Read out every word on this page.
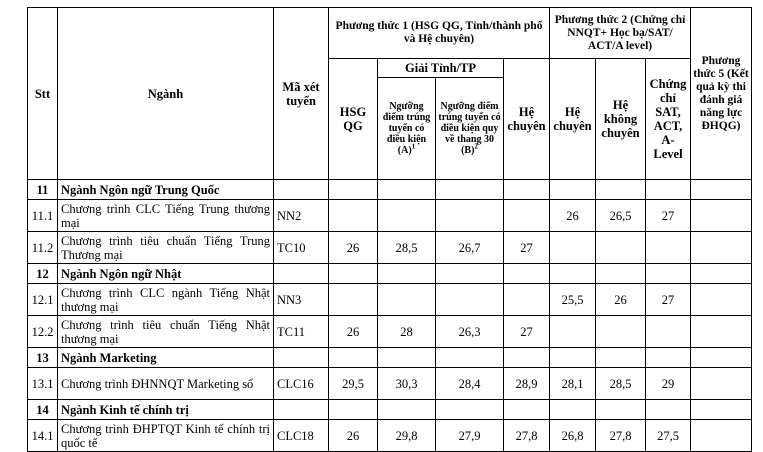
Stt	Ngành	Mã xét tuyển	Phương thức 1 (HSG QG, Tỉnh/thành phố và Hệ chuyên)				Phương thức 2 (Chứng chỉ NNQT+ Học bạ/SAT/ ACT/A level)			Phương thức 5 (Kết quả kỳ thi đánh giá năng lực ĐHQG)
			HSG QG	Giải Tỉnh/TP		Hệ chuyên	Hệ chuyên	Hệ không chuyên	Chứng chỉ SAT, ACT, A-Level	
				Ngưỡng điểm trúng tuyển có điều kiện $(A)^1$	Ngưỡng điểm trúng tuyển có điều kiện quy về thang 30 $(B)^2$
11	Ngành Ngôn ngữ Trung Quốc									
11.1	Chương trình CLC Tiếng Trung thương mại	NN2					26	26,5	27	
11.2	Chương trình tiêu chuẩn Tiếng Trung Thương mại	TC10	26	28,5	26,7	27				
12	Ngành Ngôn ngữ Nhật									
12.1	Chương trình CLC ngành Tiếng Nhật thương mại	NN3					25,5	26	27	
12.2	Chương trình tiêu chuẩn Tiếng Nhật thương mại	TC11	26	28	26,3	27				
13	Ngành Marketing									
13.1	Chương trình ĐHNNQT Marketing số	CLC16	29,5	30,3	28,4	28,9	28,1	28,5	29	
14	Ngành Kinh tế chính trị									
14.1	Chương trình ĐHPTQT Kinh tế chính trị quốc tế	CLC18	26	29,8	27,9	27,8	26,8	27,8	27,5	
